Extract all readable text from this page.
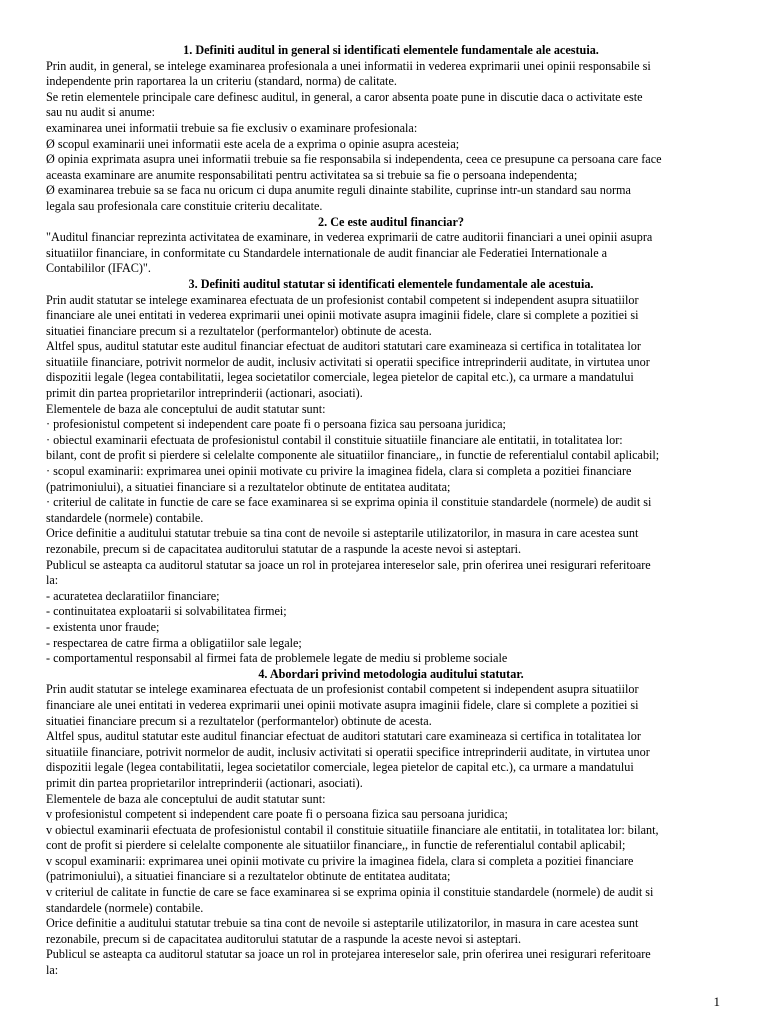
1. Definiti auditul in general si identificati elementele fundamentale ale acestuia.
Prin audit, in general, se intelege examinarea profesionala a unei informatii in vederea exprimarii unei opinii responsabile si
independente prin raportarea la un criteriu (standard, norma) de calitate.
Se retin elementele principale care definesc auditul, in general, a caror absenta poate pune in discutie daca o activitate este
sau nu audit si anume:
examinarea unei informatii trebuie sa fie exclusiv o examinare profesionala:
Ø scopul examinarii unei informatii este acela de a exprima o opinie asupra acesteia;
Ø opinia exprimata asupra unei informatii trebuie sa fie responsabila si independenta, ceea ce presupune ca persoana care face
aceasta examinare are anumite responsabilitati pentru activitatea sa si trebuie sa fie o persoana independenta;
Ø examinarea trebuie sa se faca nu oricum ci dupa anumite reguli dinainte stabilite, cuprinse intr-un standard sau norma
legala sau profesionala care constituie criteriu decalitate.
2. Ce este auditul financiar?
"Auditul financiar reprezinta activitatea de examinare, in vederea exprimarii de catre auditorii financiari a unei opinii asupra
situatiilor financiare, in conformitate cu Standardele internationale de audit financiar ale Federatiei Internationale a
Contabililor (IFAC)".
3. Definiti auditul statutar si identificati elementele fundamentale ale acestuia.
Prin audit statutar se intelege examinarea efectuata de un profesionist contabil competent si independent asupra situatiilor
financiare ale unei entitati in vederea exprimarii unei opinii motivate asupra imaginii fidele, clare si complete a pozitiei si
situatiei financiare precum si a rezultatelor (performantelor) obtinute de acesta.
Altfel spus, auditul statutar este auditul financiar efectuat de auditori statutari care examineaza si certifica in totalitatea lor
situatiile financiare, potrivit normelor de audit, inclusiv activitati si operatii specifice intreprinderii auditate, in virtutea unor
dispozitii legale (legea contabilitatii, legea societatilor comerciale, legea pietelor de capital etc.), ca urmare a mandatului
primit din partea proprietarilor intreprinderii (actionari, asociati).
Elementele de baza ale conceptului de audit statutar sunt:
· profesionistul competent si independent care poate fi o persoana fizica sau persoana juridica;
· obiectul examinarii efectuata de profesionistul contabil il constituie situatiile financiare ale entitatii, in totalitatea lor:
bilant, cont de profit si pierdere si celelalte componente ale situatiilor financiare,, in functie de referentialul contabil aplicabil;
· scopul examinarii: exprimarea unei opinii motivate cu privire la imaginea fidela, clara si completa a pozitiei financiare
(patrimoniului), a situatiei financiare si a rezultatelor obtinute de entitatea auditata;
· criteriul de calitate in functie de care se face examinarea si se exprima opinia il constituie standardele (normele) de audit si
standardele (normele) contabile.
Orice definitie a auditului statutar trebuie sa tina cont de nevoile si asteptarile utilizatorilor, in masura in care acestea sunt
rezonabile, precum si de capacitatea auditorului statutar de a raspunde la aceste nevoi si asteptari.
Publicul se asteapta ca auditorul statutar sa joace un rol in protejarea intereselor sale, prin oferirea unei resigurari referitoare
la:
- acuratetea declaratiilor financiare;
- continuitatea exploatarii si solvabilitatea firmei;
- existenta unor fraude;
- respectarea de catre firma a obligatiilor sale legale;
- comportamentul responsabil al firmei fata de problemele legate de mediu si probleme sociale
4. Abordari privind metodologia auditului statutar.
Prin audit statutar se intelege examinarea efectuata de un profesionist contabil competent si independent asupra situatiilor
financiare ale unei entitati in vederea exprimarii unei opinii motivate asupra imaginii fidele, clare si complete a pozitiei si
situatiei financiare precum si a rezultatelor (performantelor) obtinute de acesta.
Altfel spus, auditul statutar este auditul financiar efectuat de auditori statutari care examineaza si certifica in totalitatea lor
situatiile financiare, potrivit normelor de audit, inclusiv activitati si operatii specifice intreprinderii auditate, in virtutea unor
dispozitii legale (legea contabilitatii, legea societatilor comerciale, legea pietelor de capital etc.), ca urmare a mandatului
primit din partea proprietarilor intreprinderii (actionari, asociati).
Elementele de baza ale conceptului de audit statutar sunt:
v profesionistul competent si independent care poate fi o persoana fizica sau persoana juridica;
v obiectul examinarii efectuata de profesionistul contabil il constituie situatiile financiare ale entitatii, in totalitatea lor: bilant,
cont de profit si pierdere si celelalte componente ale situatiilor financiare,, in functie de referentialul contabil aplicabil;
v scopul examinarii: exprimarea unei opinii motivate cu privire la imaginea fidela, clara si completa a pozitiei financiare
(patrimoniului), a situatiei financiare si a rezultatelor obtinute de entitatea auditata;
v criteriul de calitate in functie de care se face examinarea si se exprima opinia il constituie standardele (normele) de audit si
standardele (normele) contabile.
Orice definitie a auditului statutar trebuie sa tina cont de nevoile si asteptarile utilizatorilor, in masura in care acestea sunt
rezonabile, precum si de capacitatea auditorului statutar de a raspunde la aceste nevoi si asteptari.
Publicul se asteapta ca auditorul statutar sa joace un rol in protejarea intereselor sale, prin oferirea unei resigurari referitoare
la:
1
